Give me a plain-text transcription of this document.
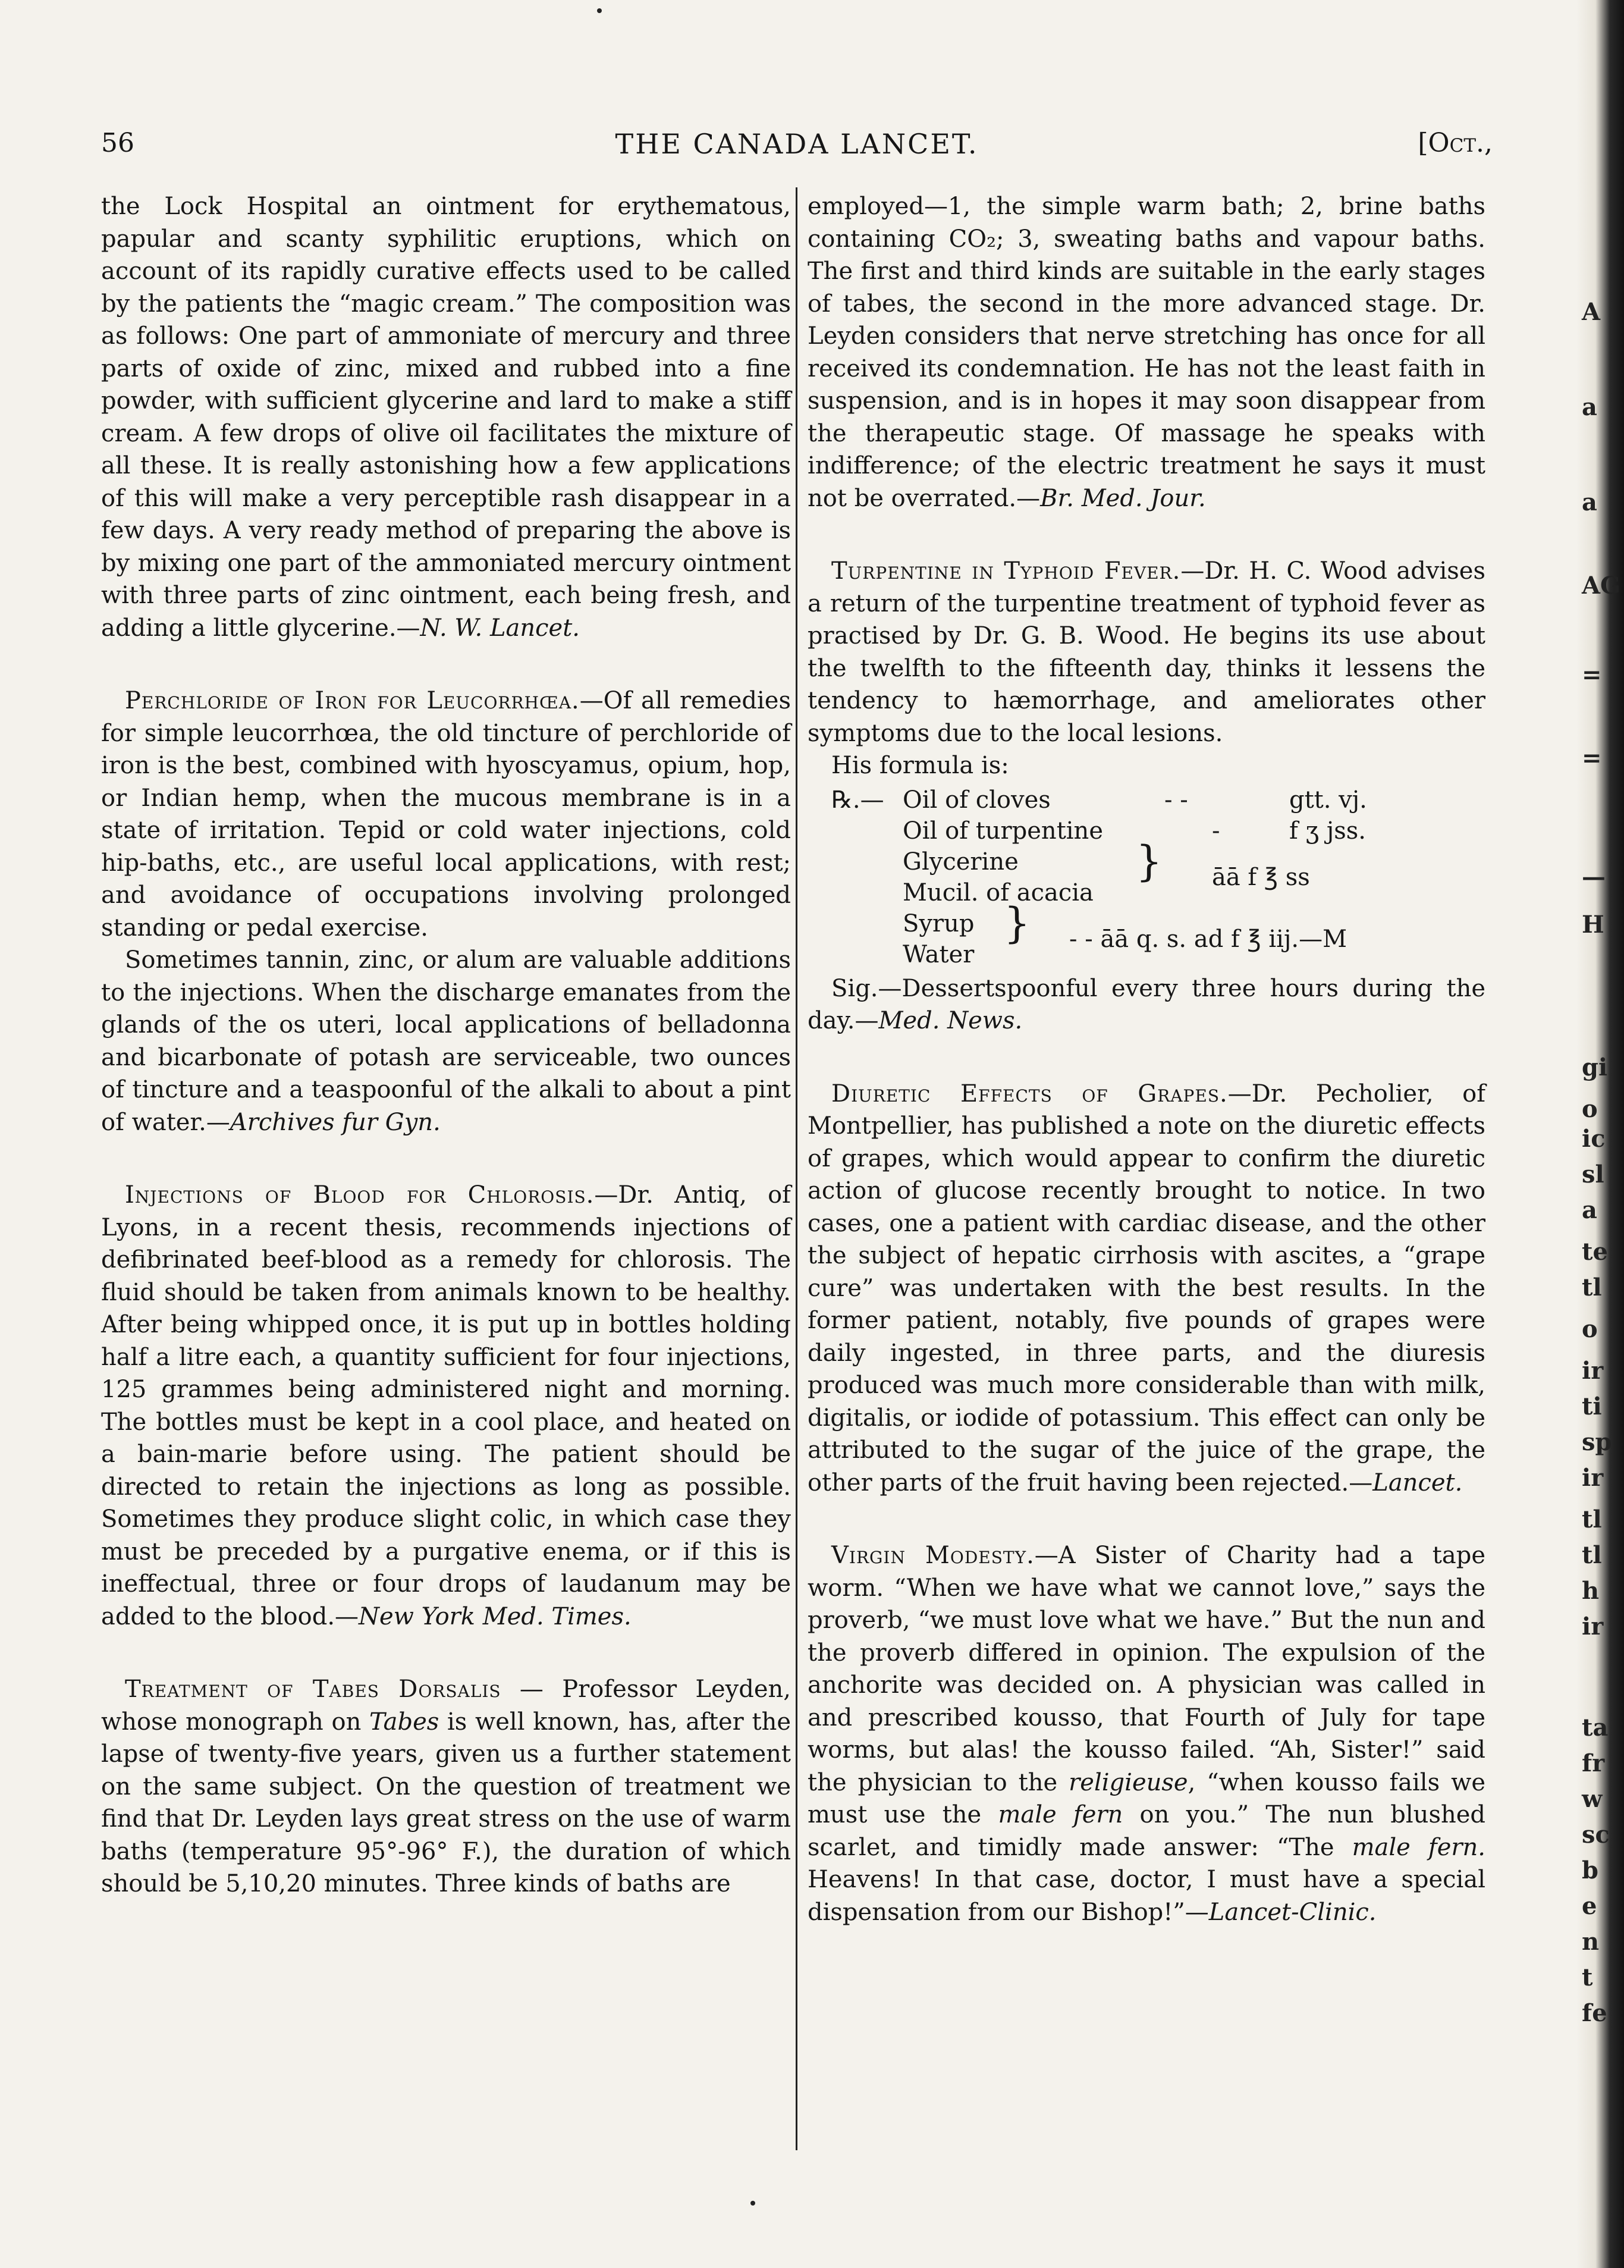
56	THE CANADA LANCET.	[Oct.,

the Lock Hospital an ointment for erythematous, papular and scanty syphilitic eruptions, which on account of its rapidly curative effects used to be called by the patients the “magic cream.” The composition was as follows: One part of ammoniate of mercury and three parts of oxide of zinc, mixed and rubbed into a fine powder, with sufficient glycerine and lard to make a stiff cream. A few drops of olive oil facilitates the mixture of all these. It is really astonishing how a few applications of this will make a very perceptible rash disappear in a few days. A very ready method of preparing the above is by mixing one part of the ammoniated mercury ointment with three parts of zinc ointment, each being fresh, and adding a little glycerine.—N. W. Lancet.

Perchloride of Iron for Leucorrhœa.—Of all remedies for simple leucorrhœa, the old tincture of perchloride of iron is the best, combined with hyoscyamus, opium, hop, or Indian hemp, when the mucous membrane is in a state of irritation. Tepid or cold water injections, cold hip-baths, etc., are useful local applications, with rest; and avoidance of occupations involving prolonged standing or pedal exercise.

Sometimes tannin, zinc, or alum are valuable additions to the injections. When the discharge emanates from the glands of the os uteri, local applications of belladonna and bicarbonate of potash are serviceable, two ounces of tincture and a teaspoonful of the alkali to about a pint of water.—Archives fur Gyn.

Injections of Blood for Chlorosis.—Dr. Antiq, of Lyons, in a recent thesis, recommends injections of defibrinated beef-blood as a remedy for chlorosis. The fluid should be taken from animals known to be healthy. After being whipped once, it is put up in bottles holding half a litre each, a quantity sufficient for four injections, 125 grammes being administered night and morning. The bottles must be kept in a cool place, and heated on a bain-marie before using. The patient should be directed to retain the injections as long as possible. Sometimes they produce slight colic, in which case they must be preceded by a purgative enema, or if this is ineffectual, three or four drops of laudanum may be added to the blood.—New York Med. Times.

Treatment of Tabes Dorsalis — Professor Leyden, whose monograph on Tabes is well known, has, after the lapse of twenty-five years, given us a further statement on the same subject. On the question of treatment we find that Dr. Leyden lays great stress on the use of warm baths (temperature 95°-96° F.), the duration of which should be 5,10,20 minutes. Three kinds of baths are

employed—1, the simple warm bath; 2, brine baths containing CO₂; 3, sweating baths and vapour baths. The first and third kinds are suitable in the early stages of tabes, the second in the more advanced stage. Dr. Leyden considers that nerve stretching has once for all received its condemnation. He has not the least faith in suspension, and is in hopes it may soon disappear from the therapeutic stage. Of massage he speaks with indifference; of the electric treatment he says it must not be overrated.—Br. Med. Jour.

Turpentine in Typhoid Fever.—Dr. H. C. Wood advises a return of the turpentine treatment of typhoid fever as practised by Dr. G. B. Wood. He begins its use about the twelfth to the fifteenth day, thinks it lessens the tendency to hæmorrhage, and ameliorates other symptoms due to the local lesions.

His formula is:

℞.— Oil of cloves	- -	gtt. vj.
Oil of turpentine	-	f ʒ jss.
Glycerine
Mucil. of acacia
} āā f ℥ ss
Syrup
Water
} - - āā q. s. ad f ℥ iij.—M

Sig.—Dessertspoonful every three hours during the day.—Med. News.

Diuretic Effects of Grapes.—Dr. Pecholier, of Montpellier, has published a note on the diuretic effects of grapes, which would appear to confirm the diuretic action of glucose recently brought to notice. In two cases, one a patient with cardiac disease, and the other the subject of hepatic cirrhosis with ascites, a “grape cure” was undertaken with the best results. In the former patient, notably, five pounds of grapes were daily ingested, in three parts, and the diuresis produced was much more considerable than with milk, digitalis, or iodide of potassium. This effect can only be attributed to the sugar of the juice of the grape, the other parts of the fruit having been rejected.—Lancet.

Virgin Modesty.—A Sister of Charity had a tape worm. “When we have what we cannot love,” says the proverb, “we must love what we have.” But the nun and the proverb differed in opinion. The expulsion of the anchorite was decided on. A physician was called in and prescribed kousso, that Fourth of July for tape worms, but alas! the kousso failed. “Ah, Sister!” said the physician to the religieuse, “when kousso fails we must use the male fern on you.” The nun blushed scarlet, and timidly made answer: “The male fern. Heavens! In that case, doctor, I must have a special dispensation from our Bishop!”—Lancet-Clinic.

A
a
a
AG
=
=
—
H
gi
o
ic
sl
a
te
tl
o
ir
ti
sp
ir
tl
tl
h
ir
ta
fr
w
sc
b
e
n
t
fe
